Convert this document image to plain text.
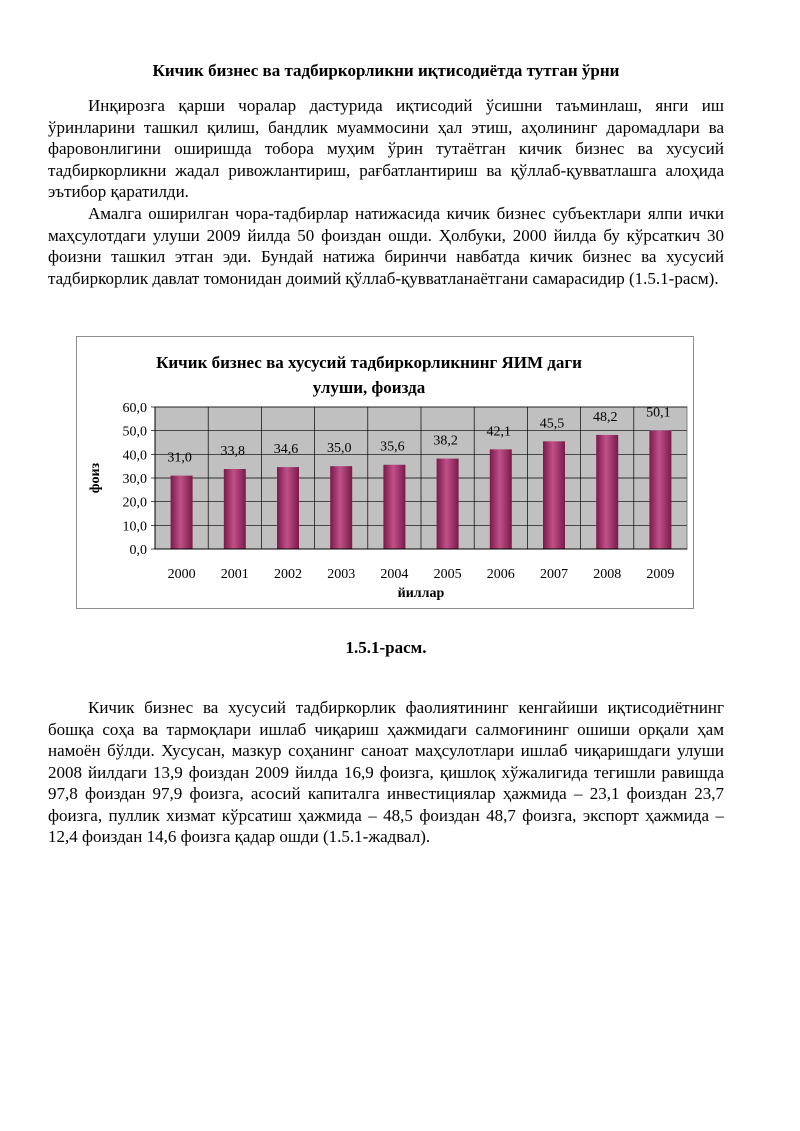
Кичик бизнес ва тадбиркорликни иқтисодиётда тутган ўрни

Инқирозга қарши чоралар дастурида иқтисодий ўсишни таъминлаш, янги иш ўринларини ташкил қилиш, бандлик муаммосини ҳал этиш, аҳолининг даромадлари ва фаровонлигини оширишда тобора муҳим ўрин тутаётган кичик бизнес ва хусусий тадбиркорликни жадал ривожлантириш, рағбатлантириш ва қўллаб-қувватлашга алоҳида эътибор қаратилди.

Амалга оширилган чора-тадбирлар натижасида кичик бизнес субъектлари ялпи ички маҳсулотдаги улуши 2009 йилда 50 фоиздан ошди. Ҳолбуки, 2000 йилда бу кўрсаткич 30 фоизни ташкил этган эди. Бундай натижа биринчи навбатда кичик бизнес ва хусусий тадбиркорлик давлат томонидан доимий қўллаб-қувватланаётгани самарасидир (1.5.1-расм).

Кичик бизнес ва хусусий тадбиркорликнинг ЯИМ даги
улуши, фоизда
0,0
10,0
20,0
30,0
40,0
50,0
60,0
31,0
2000
33,8
2001
34,6
2002
35,0
2003
35,6
2004
38,2
2005
42,1
2006
45,5
2007
48,2
2008
50,1
2009
йиллар
фоиз
1.5.1-расм.

Кичик бизнес ва хусусий тадбиркорлик фаолиятининг кенгайиши иқтисодиётнинг бошқа соҳа ва тармоқлари ишлаб чиқариш ҳажмидаги салмоғининг ошиши орқали ҳам намоён бўлди. Хусусан, мазкур соҳанинг саноат маҳсулотлари ишлаб чиқаришдаги улуши 2008 йилдаги 13,9 фоиздан 2009 йилда 16,9 фоизга, қишлоқ хўжалигида тегишли равишда 97,8 фоиздан 97,9 фоизга, асосий капиталга инвестициялар ҳажмида – 23,1 фоиздан 23,7 фоизга, пуллик хизмат кўрсатиш ҳажмида – 48,5 фоиздан 48,7 фоизга, экспорт ҳажмида – 12,4 фоиздан 14,6 фоизга қадар ошди (1.5.1-жадвал).
